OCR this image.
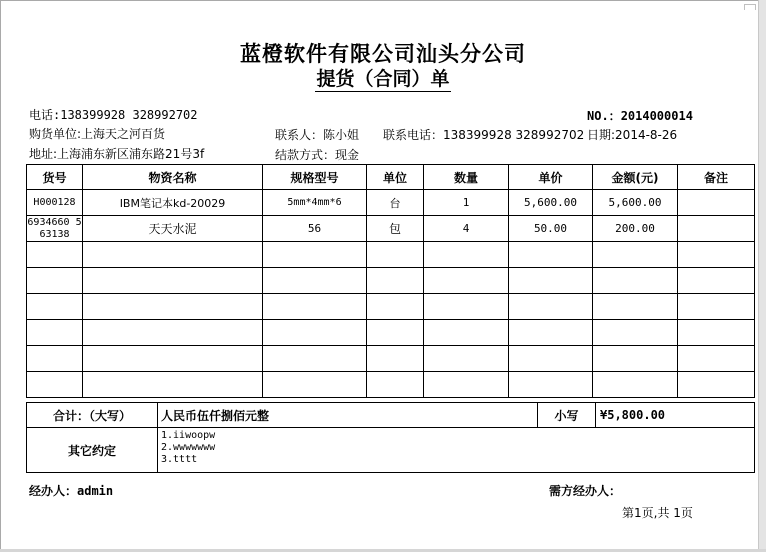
蓝橙软件有限公司汕头分公司
提货（合同）单
电话:138399928 328992702	NO.：2014000014
购货单位:上海天之河百货	联系人：陈小姐 联系电话：138399928 328992702 日期:2014-8-26
地址:上海浦东新区浦东路21号3f	结款方式：现金
货号	物资名称	规格型号	单位	数量	单价	金额(元)	备注
H000128	IBM笔记本kd-20029	5mm*4mm*6	台	1	5,600.00	5,600.00	
6934660 563138	天天水泥	56	包	4	50.00	200.00	

合计：（大写）	人民币伍仟捌佰元整	小写	¥5,800.00
其它约定	1.iiwoopw
2.wwwwwww
3.tttt		
经办人：admin	需方经办人：
第1页,共 1页
